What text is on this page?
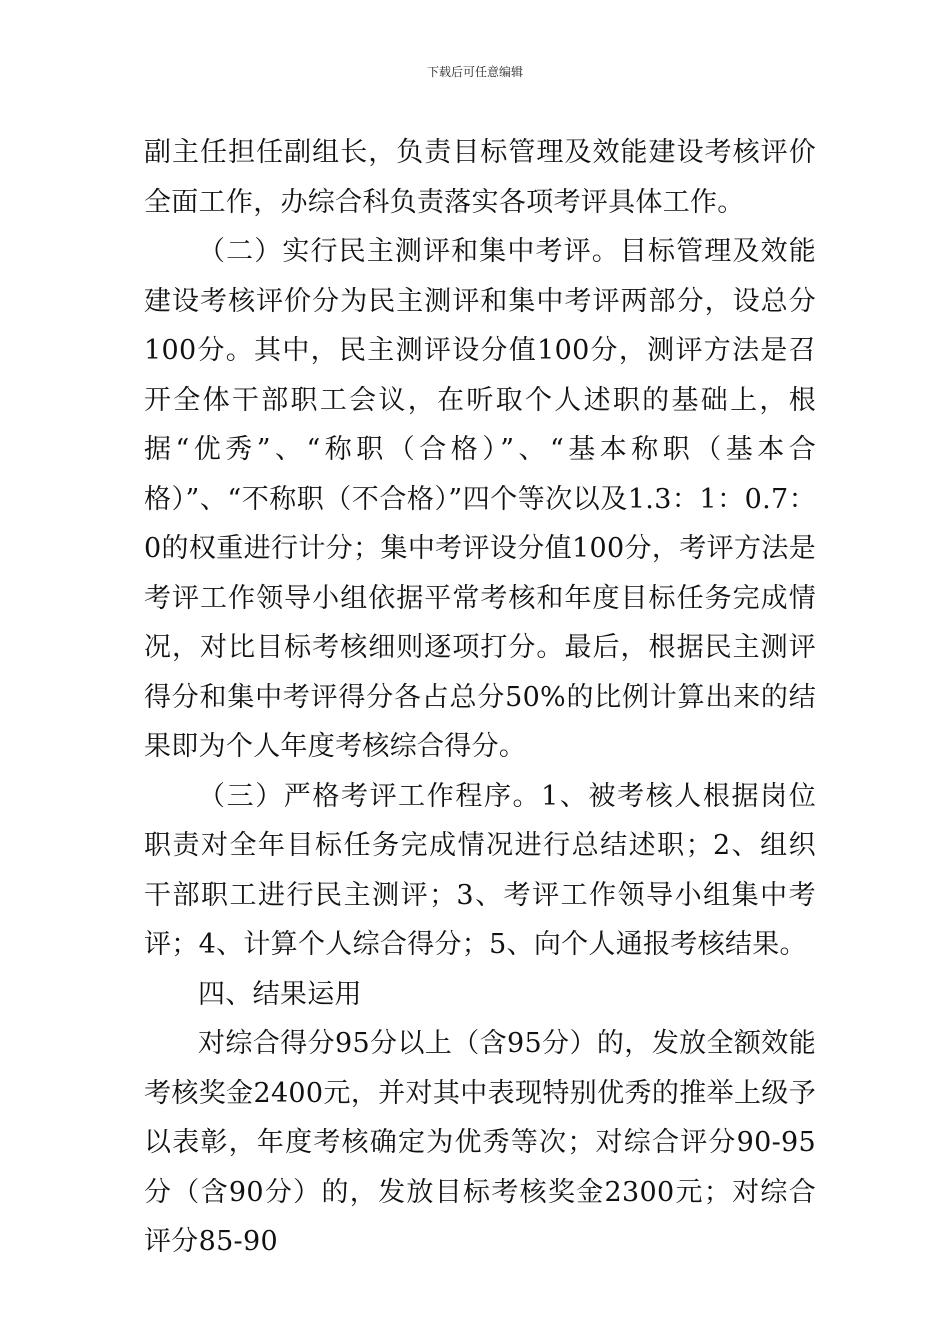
下载后可任意编辑

副主任担任副组长，负责目标管理及效能建设考核评价全面工作，办综合科负责落实各项考评具体工作。

（二）实行民主测评和集中考评。目标管理及效能建设考核评价分为民主测评和集中考评两部分，设总分100分。其中，民主测评设分值100分，测评方法是召开全体干部职工会议，在听取个人述职的基础上，根据“优秀”、“称职（合格）”、“基本称职（基本合格）”、“不称职（不合格）”四个等次以及1.3：1：0.7：0的权重进行计分；集中考评设分值100分，考评方法是考评工作领导小组依据平常考核和年度目标任务完成情况，对比目标考核细则逐项打分。最后，根据民主测评得分和集中考评得分各占总分50%的比例计算出来的结果即为个人年度考核综合得分。

（三）严格考评工作程序。1、被考核人根据岗位职责对全年目标任务完成情况进行总结述职；2、组织干部职工进行民主测评；3、考评工作领导小组集中考评；4、计算个人综合得分；5、向个人通报考核结果。

四、结果运用

对综合得分95分以上（含95分）的，发放全额效能考核奖金2400元，并对其中表现特别优秀的推举上级予以表彰，年度考核确定为优秀等次；对综合评分90-95分（含90分）的，发放目标考核奖金2300元；对综合评分85-90
